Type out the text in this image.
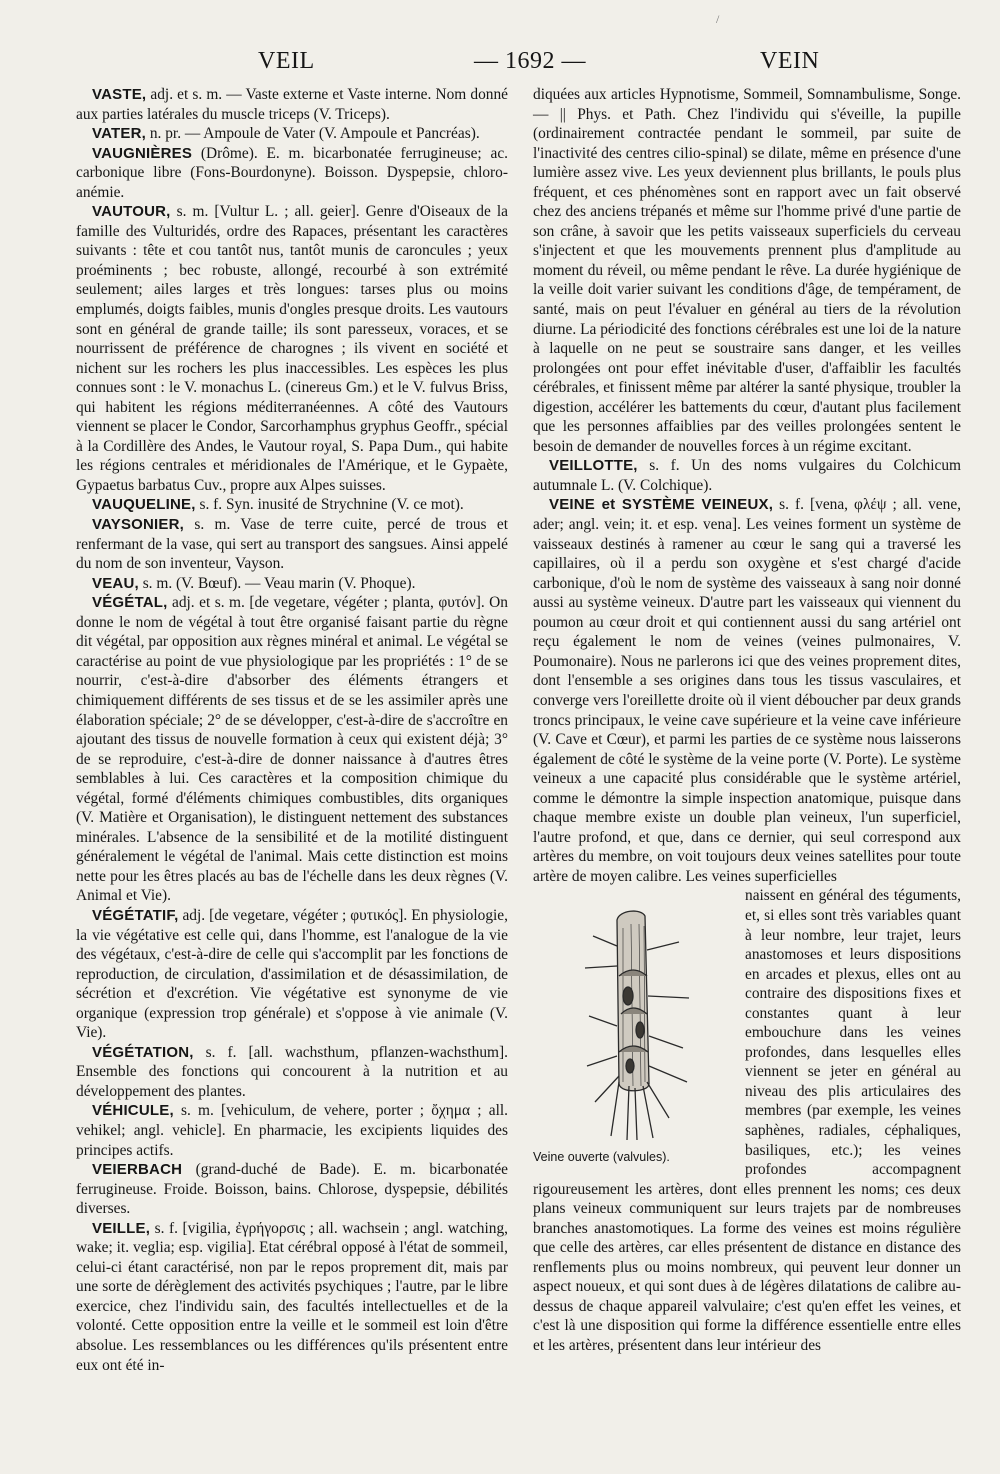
/
VEIL	— 1692 —	VEIN

VASTE, adj. et s. m. — Vaste externe et Vaste interne. Nom donné aux parties latérales du muscle triceps (V. Triceps).

VATER, n. pr. — Ampoule de Vater (V. Ampoule et Pancréas).

VAUGNIÈRES (Drôme). E. m. bicarbonatée ferrugineuse; ac. carbonique libre (Fons-Bourdonyne). Boisson. Dyspepsie, chloro-anémie.

VAUTOUR, s. m. [Vultur L. ; all. geier]. Genre d'Oiseaux de la famille des Vulturidés, ordre des Rapaces, présentant les caractères suivants : tête et cou tantôt nus, tantôt munis de caroncules ; yeux proéminents ; bec robuste, allongé, recourbé à son extrémité seulement; ailes larges et très longues: tarses plus ou moins emplumés, doigts faibles, munis d'ongles presque droits. Les vautours sont en général de grande taille; ils sont paresseux, voraces, et se nourrissent de préférence de charognes ; ils vivent en société et nichent sur les rochers les plus inaccessibles. Les espèces les plus connues sont : le V. monachus L. (cinereus Gm.) et le V. fulvus Briss, qui habitent les régions méditerranéennes. A côté des Vautours viennent se placer le Condor, Sarcorhamphus gryphus Geoffr., spécial à la Cordillère des Andes, le Vautour royal, S. Papa Dum., qui habite les régions centrales et méridionales de l'Amérique, et le Gypaète, Gypaetus barbatus Cuv., propre aux Alpes suisses.

VAUQUELINE, s. f. Syn. inusité de Strychnine (V. ce mot).

VAYSONIER, s. m. Vase de terre cuite, percé de trous et renfermant de la vase, qui sert au transport des sangsues. Ainsi appelé du nom de son inventeur, Vayson.

VEAU, s. m. (V. Bœuf). — Veau marin (V. Phoque).

VÉGÉTAL, adj. et s. m. [de vegetare, végéter ; planta, φυτόν]. On donne le nom de végétal à tout être organisé faisant partie du règne dit végétal, par opposition aux règnes minéral et animal. Le végétal se caractérise au point de vue physiologique par les propriétés : 1° de se nourrir, c'est-à-dire d'absorber des éléments étrangers et chimiquement différents de ses tissus et de se les assimiler après une élaboration spéciale; 2° de se développer, c'est-à-dire de s'accroître en ajoutant des tissus de nouvelle formation à ceux qui existent déjà; 3° de se reproduire, c'est-à-dire de donner naissance à d'autres êtres semblables à lui. Ces caractères et la composition chimique du végétal, formé d'éléments chimiques combustibles, dits organiques (V. Matière et Organisation), le distinguent nettement des substances minérales. L'absence de la sensibilité et de la motilité distinguent généralement le végétal de l'animal. Mais cette distinction est moins nette pour les êtres placés au bas de l'échelle dans les deux règnes (V. Animal et Vie).

VÉGÉTATIF, adj. [de vegetare, végéter ; φυτικός]. En physiologie, la vie végétative est celle qui, dans l'homme, est l'analogue de la vie des végétaux, c'est-à-dire de celle qui s'accomplit par les fonctions de reproduction, de circulation, d'assimilation et de désassimilation, de sécrétion et d'excrétion. Vie végétative est synonyme de vie organique (expression trop générale) et s'oppose à vie animale (V. Vie).

VÉGÉTATION, s. f. [all. wachsthum, pflanzen-wachsthum]. Ensemble des fonctions qui concourent à la nutrition et au développement des plantes.

VÉHICULE, s. m. [vehiculum, de vehere, porter ; ὄχημα ; all. vehikel; angl. vehicle]. En pharmacie, les excipients liquides des principes actifs.

VEIERBACH (grand-duché de Bade). E. m. bicarbonatée ferrugineuse. Froide. Boisson, bains. Chlorose, dyspepsie, débilités diverses.

VEILLE, s. f. [vigilia, ἐγρήγορσις ; all. wachsein ; angl. watching, wake; it. veglia; esp. vigilia]. Etat cérébral opposé à l'état de sommeil, celui-ci étant caractérisé, non par le repos proprement dit, mais par une sorte de dérèglement des activités psychiques ; l'autre, par le libre exercice, chez l'individu sain, des facultés intellectuelles et de la volonté. Cette opposition entre la veille et le sommeil est loin d'être absolue. Les ressemblances ou les différences qu'ils présentent entre eux ont été in-

diquées aux articles Hypnotisme, Sommeil, Somnambulisme, Songe. — || Phys. et Path. Chez l'individu qui s'éveille, la pupille (ordinairement contractée pendant le sommeil, par suite de l'inactivité des centres cilio-spinal) se dilate, même en présence d'une lumière assez vive. Les yeux deviennent plus brillants, le pouls plus fréquent, et ces phénomènes sont en rapport avec un fait observé chez des anciens trépanés et même sur l'homme privé d'une partie de son crâne, à savoir que les petits vaisseaux superficiels du cerveau s'injectent et que les mouvements prennent plus d'amplitude au moment du réveil, ou même pendant le rêve. La durée hygiénique de la veille doit varier suivant les conditions d'âge, de tempérament, de santé, mais on peut l'évaluer en général au tiers de la révolution diurne. La périodicité des fonctions cérébrales est une loi de la nature à laquelle on ne peut se soustraire sans danger, et les veilles prolongées ont pour effet inévitable d'user, d'affaiblir les facultés cérébrales, et finissent même par altérer la santé physique, troubler la digestion, accélérer les battements du cœur, d'autant plus facilement que les personnes affaiblies par des veilles prolongées sentent le besoin de demander de nouvelles forces à un régime excitant.

VEILLOTTE, s. f. Un des noms vulgaires du Colchicum autumnale L. (V. Colchique).

VEINE et SYSTÈME VEINEUX, s. f. [vena, φλέψ ; all. vene, ader; angl. vein; it. et esp. vena]. Les veines forment un système de vaisseaux destinés à ramener au cœur le sang qui a traversé les capillaires, où il a perdu son oxygène et s'est chargé d'acide carbonique, d'où le nom de système des vaisseaux à sang noir donné aussi au système veineux. D'autre part les vaisseaux qui viennent du poumon au cœur droit et qui contiennent aussi du sang artériel ont reçu également le nom de veines (veines pulmonaires, V. Poumonaire). Nous ne parlerons ici que des veines proprement dites, dont l'ensemble a ses origines dans tous les tissus vasculaires, et converge vers l'oreillette droite où il vient déboucher par deux grands troncs principaux, le veine cave supérieure et la veine cave inférieure (V. Cave et Cœur), et parmi les parties de ce système nous laisserons également de côté le système de la veine porte (V. Porte). Le système veineux a une capacité plus considérable que le système artériel, comme le démontre la simple inspection anatomique, puisque dans chaque membre existe un double plan veineux, l'un superficiel, l'autre profond, et que, dans ce dernier, qui seul correspond aux artères du membre, on voit toujours deux veines satellites pour toute artère de moyen calibre. Les veines superficielles

Veine ouverte (valvules).

naissent en général des téguments, et, si elles sont très variables quant à leur nombre, leur trajet, leurs anastomoses et leurs dispositions en arcades et plexus, elles ont au contraire des dispositions fixes et constantes quant à leur embouchure dans les veines profondes, dans lesquelles elles viennent se jeter en général au niveau des plis articulaires des membres (par exemple, les veines saphènes, radiales, céphaliques, basiliques, etc.); les veines profondes accompagnent rigoureusement les artères, dont elles prennent les noms; ces deux plans veineux communiquent sur leurs trajets par de nombreuses branches anastomotiques. La forme des veines est moins régulière que celle des artères, car elles présentent de distance en distance des renflements plus ou moins nombreux, qui peuvent leur donner un aspect noueux, et qui sont dues à de légères dilatations de calibre au-dessus de chaque appareil valvulaire; c'est qu'en effet les veines, et c'est là une disposition qui forme la différence essentielle entre elles et les artères, présentent dans leur intérieur des
